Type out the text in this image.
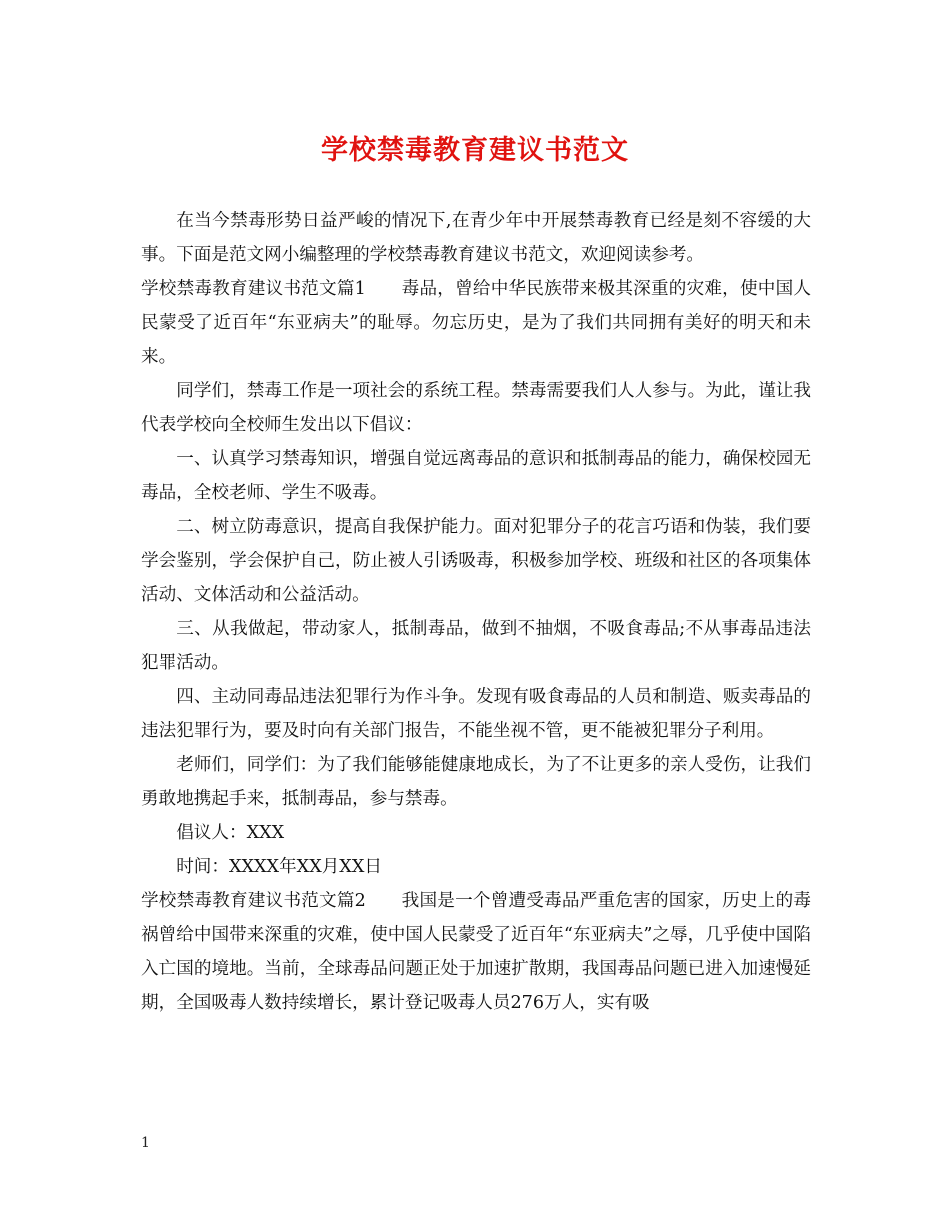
学校禁毒教育建议书范文

在当今禁毒形势日益严峻的情况下,在青少年中开展禁毒教育已经是刻不容缓的大事。下面是范文网小编整理的学校禁毒教育建议书范文，欢迎阅读参考。

学校禁毒教育建议书范文篇1　　毒品，曾给中华民族带来极其深重的灾难，使中国人民蒙受了近百年“东亚病夫”的耻辱。勿忘历史，是为了我们共同拥有美好的明天和未来。

同学们，禁毒工作是一项社会的系统工程。禁毒需要我们人人参与。为此，谨让我代表学校向全校师生发出以下倡议：

一、认真学习禁毒知识，增强自觉远离毒品的意识和抵制毒品的能力，确保校园无毒品，全校老师、学生不吸毒。

二、树立防毒意识，提高自我保护能力。面对犯罪分子的花言巧语和伪装，我们要学会鉴别，学会保护自己，防止被人引诱吸毒，积极参加学校、班级和社区的各项集体活动、文体活动和公益活动。

三、从我做起，带动家人，抵制毒品，做到不抽烟，不吸食毒品;不从事毒品违法犯罪活动。

四、主动同毒品违法犯罪行为作斗争。发现有吸食毒品的人员和制造、贩卖毒品的违法犯罪行为，要及时向有关部门报告，不能坐视不管，更不能被犯罪分子利用。

老师们，同学们：为了我们能够能健康地成长，为了不让更多的亲人受伤，让我们勇敢地携起手来，抵制毒品，参与禁毒。

倡议人：XXX

时间：XXXX年XX月XX日

学校禁毒教育建议书范文篇2　　我国是一个曾遭受毒品严重危害的国家，历史上的毒祸曾给中国带来深重的灾难，使中国人民蒙受了近百年“东亚病夫”之辱，几乎使中国陷入亡国的境地。当前，全球毒品问题正处于加速扩散期，我国毒品问题已进入加速慢延期，全国吸毒人数持续增长，累计登记吸毒人员276万人，实有吸

1
